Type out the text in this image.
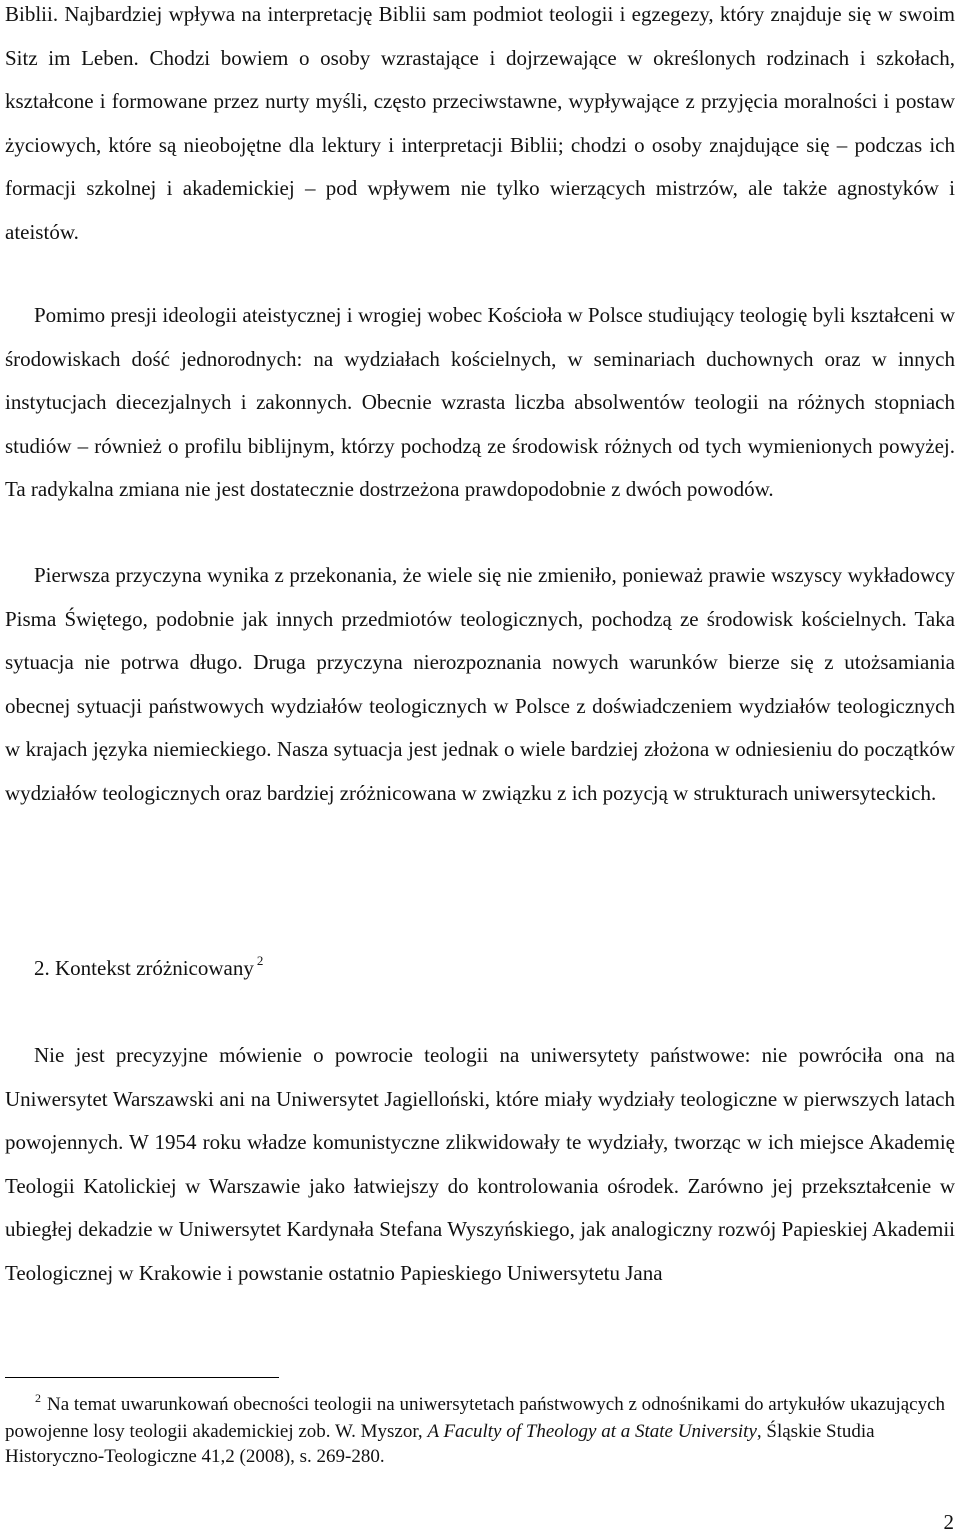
Biblii. Najbardziej wpływa na interpretację Biblii sam podmiot teologii i egzegezy, który znajduje się w swoim Sitz im Leben. Chodzi bowiem o osoby wzrastające i dojrzewające w określonych rodzinach i szkołach, kształcone i formowane przez nurty myśli, często przeciwstawne, wypływające z przyjęcia moralności i postaw życiowych, które są nieobojętne dla lektury i interpretacji Biblii; chodzi o osoby znajdujące się – podczas ich formacji szkolnej i akademickiej – pod wpływem nie tylko wierzących mistrzów, ale także agnostyków i ateistów.

Pomimo presji ideologii ateistycznej i wrogiej wobec Kościoła w Polsce studiujący teologię byli kształceni w środowiskach dość jednorodnych: na wydziałach kościelnych, w seminariach duchownych oraz w innych instytucjach diecezjalnych i zakonnych. Obecnie wzrasta liczba absolwentów teologii na różnych stopniach studiów – również o profilu biblijnym, którzy pochodzą ze środowisk różnych od tych wymienionych powyżej. Ta radykalna zmiana nie jest dostatecznie dostrzeżona prawdopodobnie z dwóch powodów.

Pierwsza przyczyna wynika z przekonania, że wiele się nie zmieniło, ponieważ prawie wszyscy wykładowcy Pisma Świętego, podobnie jak innych przedmiotów teologicznych, pochodzą ze środowisk kościelnych. Taka sytuacja nie potrwa długo. Druga przyczyna nierozpoznania nowych warunków bierze się z utożsamiania obecnej sytuacji państwowych wydziałów teologicznych w Polsce z doświadczeniem wydziałów teologicznych w krajach języka niemieckiego. Nasza sytuacja jest jednak o wiele bardziej złożona w odniesieniu do początków wydziałów teologicznych oraz bardziej zróżnicowana w związku z ich pozycją w strukturach uniwersyteckich.

2. Kontekst zróżnicowany $^2$

Nie jest precyzyjne mówienie o powrocie teologii na uniwersytety państwowe: nie powróciła ona na Uniwersytet Warszawski ani na Uniwersytet Jagielloński, które miały wydziały teologiczne w pierwszych latach powojennych. W 1954 roku władze komunistyczne zlikwidowały te wydziały, tworząc w ich miejsce Akademię Teologii Katolickiej w Warszawie jako łatwiejszy do kontrolowania ośrodek. Zarówno jej przekształcenie w ubiegłej dekadzie w Uniwersytet Kardynała Stefana Wyszyńskiego, jak analogiczny rozwój Papieskiej Akademii Teologicznej w Krakowie i powstanie ostatnio Papieskiego Uniwersytetu Jana

$^2$ Na temat uwarunkowań obecności teologii na uniwersytetach państwowych z odnośnikami do artykułów ukazujących powojenne losy teologii akademickiej zob. W. Myszor, A Faculty of Theology at a State University, Śląskie Studia Historyczno-Teologiczne 41,2 (2008), s. 269-280.

2
